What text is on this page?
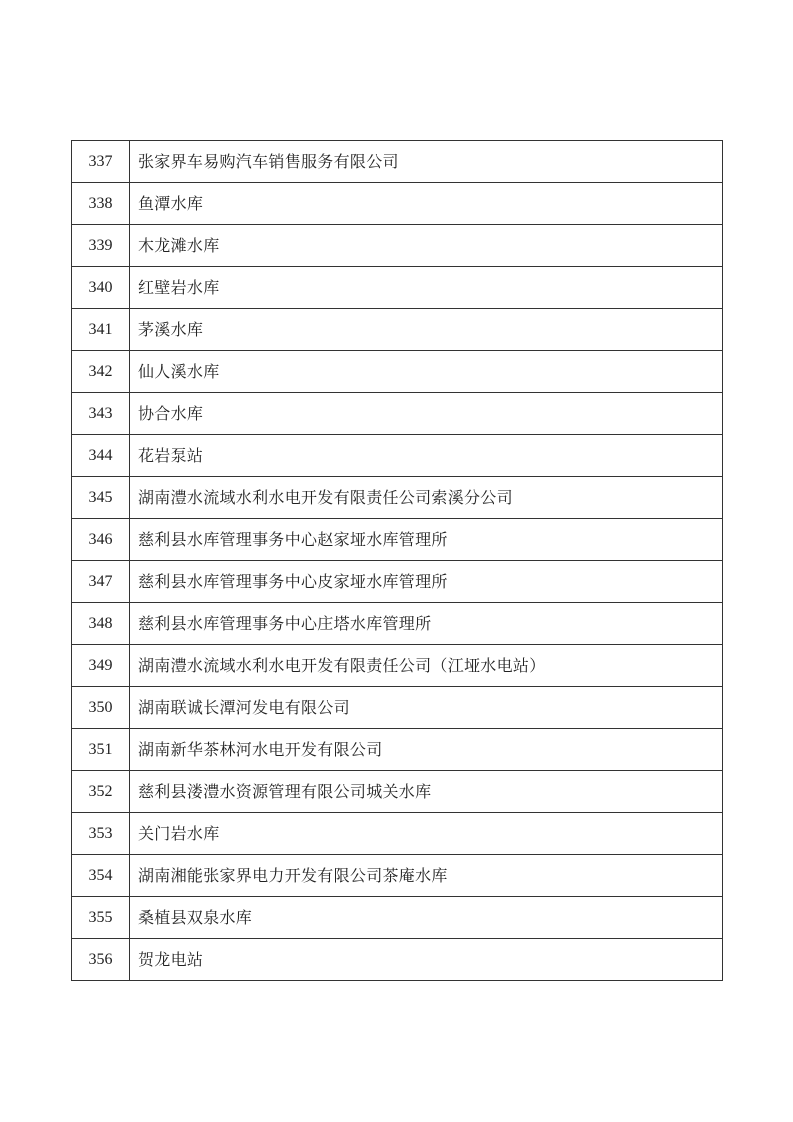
337	张家界车易购汽车销售服务有限公司
338	鱼潭水库
339	木龙滩水库
340	红壁岩水库
341	茅溪水库
342	仙人溪水库
343	协合水库
344	花岩泵站
345	湖南澧水流域水利水电开发有限责任公司索溪分公司
346	慈利县水库管理事务中心赵家垭水库管理所
347	慈利县水库管理事务中心皮家垭水库管理所
348	慈利县水库管理事务中心庄塔水库管理所
349	湖南澧水流域水利水电开发有限责任公司（江垭水电站）
350	湖南联诚长潭河发电有限公司
351	湖南新华茶林河水电开发有限公司
352	慈利县溇澧水资源管理有限公司城关水库
353	关门岩水库
354	湖南湘能张家界电力开发有限公司茶庵水库
355	桑植县双泉水库
356	贺龙电站
